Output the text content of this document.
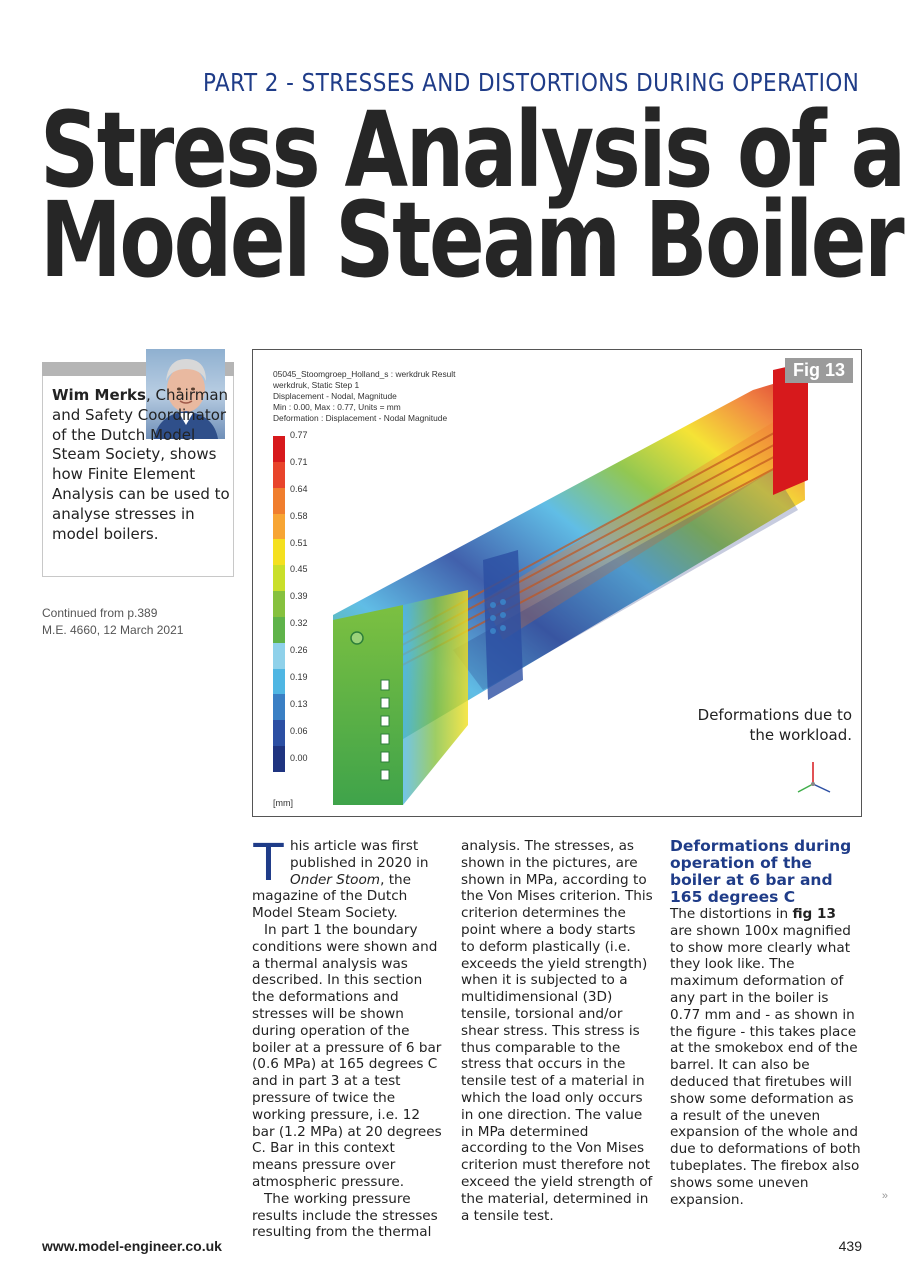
PART 2 - STRESSES AND DISTORTIONS DURING OPERATION
Stress Analysis of a
Model Steam Boiler
Wim Merks, Chairman and Safety Coordinator of the Dutch Model Steam Society, shows how Finite Element Analysis can be used to analyse stresses in model boilers.
Continued from p.389
M.E. 4660, 12 March 2021
05045_Stoomgroep_Holland_s : werkdruk Result
werkdruk, Static Step 1
Displacement - Nodal, Magnitude
Min : 0.00, Max : 0.77, Units = mm
Deformation : Displacement - Nodal Magnitude
Fig 13
0.77
0.71
0.64
0.58
0.51
0.45
0.39
0.32
0.26
0.19
0.13
0.06
0.00
[mm]
Deformations due to
the workload.

This article was first published in 2020 in Onder Stoom, the magazine of the Dutch Model Steam Society.

In part 1 the boundary conditions were shown and a thermal analysis was described. In this section the deformations and stresses will be shown during operation of the boiler at a pressure of 6 bar (0.6 MPa) at 165 degrees C and in part 3 at a test pressure of twice the working pressure, i.e. 12 bar (1.2 MPa) at 20 degrees C. Bar in this context means pressure over atmospheric pressure.

The working pressure results include the stresses resulting from the thermal

analysis. The stresses, as shown in the pictures, are shown in MPa, according to the Von Mises criterion. This criterion determines the point where a body starts to deform plastically (i.e. exceeds the yield strength) when it is subjected to a multidimensional (3D) tensile, torsional and/or shear stress. This stress is thus comparable to the stress that occurs in the tensile test of a material in which the load only occurs in one direction. The value in MPa determined according to the Von Mises criterion must therefore not exceed the yield strength of the material, determined in a tensile test.

Deformations during operation of the boiler at 6 bar and 165 degrees C

The distortions in fig 13 are shown 100x magnified to show more clearly what they look like. The maximum deformation of any part in the boiler is 0.77 mm and - as shown in the figure - this takes place at the smokebox end of the barrel. It can also be deduced that firetubes will show some deformation as a result of the uneven expansion of the whole and due to deformations of both tubeplates. The firebox also shows some uneven expansion.	»
www.model-engineer.co.uk	439
